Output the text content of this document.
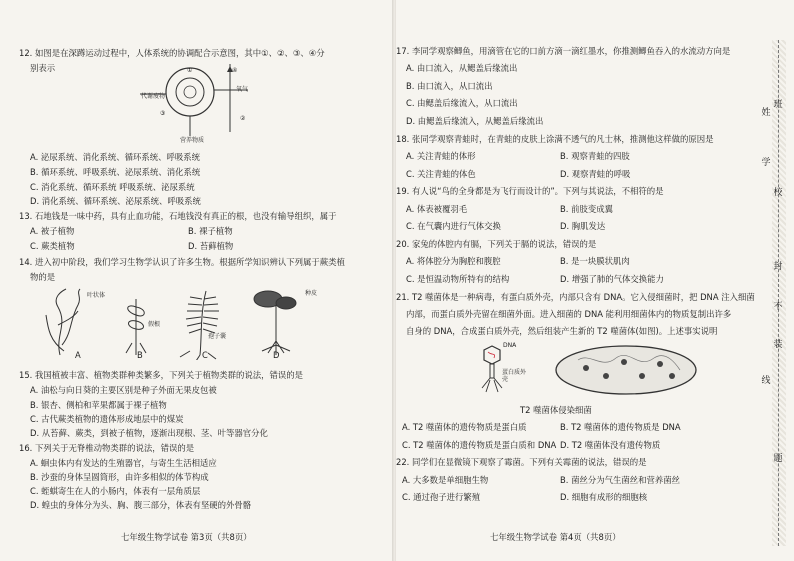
12. 如图是在深蹲运动过程中，人体系统的协调配合示意图，其中①、②、③、④分
别表示
代谢废物
氧气
营养物质
④
②
①
③
A. 泌尿系统、消化系统、循环系统、呼吸系统
B. 循环系统、呼吸系统、泌尿系统、消化系统
C. 消化系统、循环系统 呼吸系统、泌尿系统
D. 消化系统、循环系统、泌尿系统、呼吸系统
13. 石地钱是一味中药，具有止血功能，石地钱没有真正的根，也没有输导组织，属于
A. 被子植物	B. 裸子植物
C. 蕨类植物	D. 苔藓植物
14. 进入初中阶段，我们学习生物学认识了许多生物。根据所学知识辨认下列属于蕨类植
物的是
叶状体
假根
孢子囊
种皮
A	B	C	D
15. 我国植被丰富、植物类群种类繁多，下列关于植物类群的说法，错误的是
A. 油松与向日葵的主要区别是种子外面无果皮包被
B. 银杏、侧柏和苹果都属于裸子植物
C. 古代蕨类植物的遗体形成地层中的煤炭
D. 从苔藓、蕨类，到被子植物，逐渐出现根、茎、叶等器官分化
16. 下列关于无脊椎动物类群的说法，错误的是
A. 蛔虫体内有发达的生殖器官，与寄生生活相适应
B. 沙蚕的身体呈圆筒形，由许多相似的体节构成
C. 蛭蜞寄生在人的小肠内，体表有一层角质层
D. 蝗虫的身体分为头、胸、腹三部分，体表有坚硬的外骨骼
七年级生物学试卷 第3页（共8页）
17. 李同学观察鲫鱼，用滴管在它的口前方滴一滴红墨水，你推测鲫鱼吞入的水流动方向是
A. 由口流入，从鳃盖后缘流出
B. 由口流入，从口流出
C. 由鳃盖后缘流入，从口流出
D. 由鳃盖后缘流入，从鳃盖后缘流出
18. 张同学观察青蛙时，在青蛙的皮肤上涂满不透气的凡士林，推测他这样做的原因是
A. 关注青蛙的体形	B. 观察青蛙的四肢
C. 关注青蛙的体色	D. 观察青蛙的呼吸
19. 有人说“鸟的全身都是为飞行而设计的”。下列与其说法，不相符的是
A. 体表被覆羽毛	B. 前肢变成翼
C. 在气囊内进行气体交换	D. 胸肌发达
20. 家兔的体腔内有膈，下列关于膈的说法，错误的是
A. 将体腔分为胸腔和腹腔	B. 是一块膜状肌肉
C. 是恒温动物所特有的结构	D. 增强了肺的气体交换能力
21. T2 噬菌体是一种病毒，有蛋白质外壳，内部只含有 DNA。它入侵细菌时，把 DNA 注入细菌
内部，而蛋白质外壳留在细菌外面。进入细菌的 DNA 能利用细菌体内的物质复制出许多
自身的 DNA，合成蛋白质外壳，然后组装产生新的 T2 噬菌体(如图)。上述事实说明
DNA
蛋白质外壳
T2 噬菌体侵染细菌
A. T2 噬菌体的遗传物质是蛋白质	B. T2 噬菌体的遗传物质是 DNA
C. T2 噬菌体的遗传物质是蛋白质和 DNA D. T2 噬菌体没有遗传物质
22. 同学们在显微镜下观察了霉菌。下列有关霉菌的说法，错误的是
A. 大多数是单细胞生物	B. 菌丝分为气生菌丝和营养菌丝
C. 通过孢子进行繁殖	D. 细胞有成形的细胞核
七年级生物学试卷 第4页（共8页）
姓
班
学
校
封
不
装
线
题
